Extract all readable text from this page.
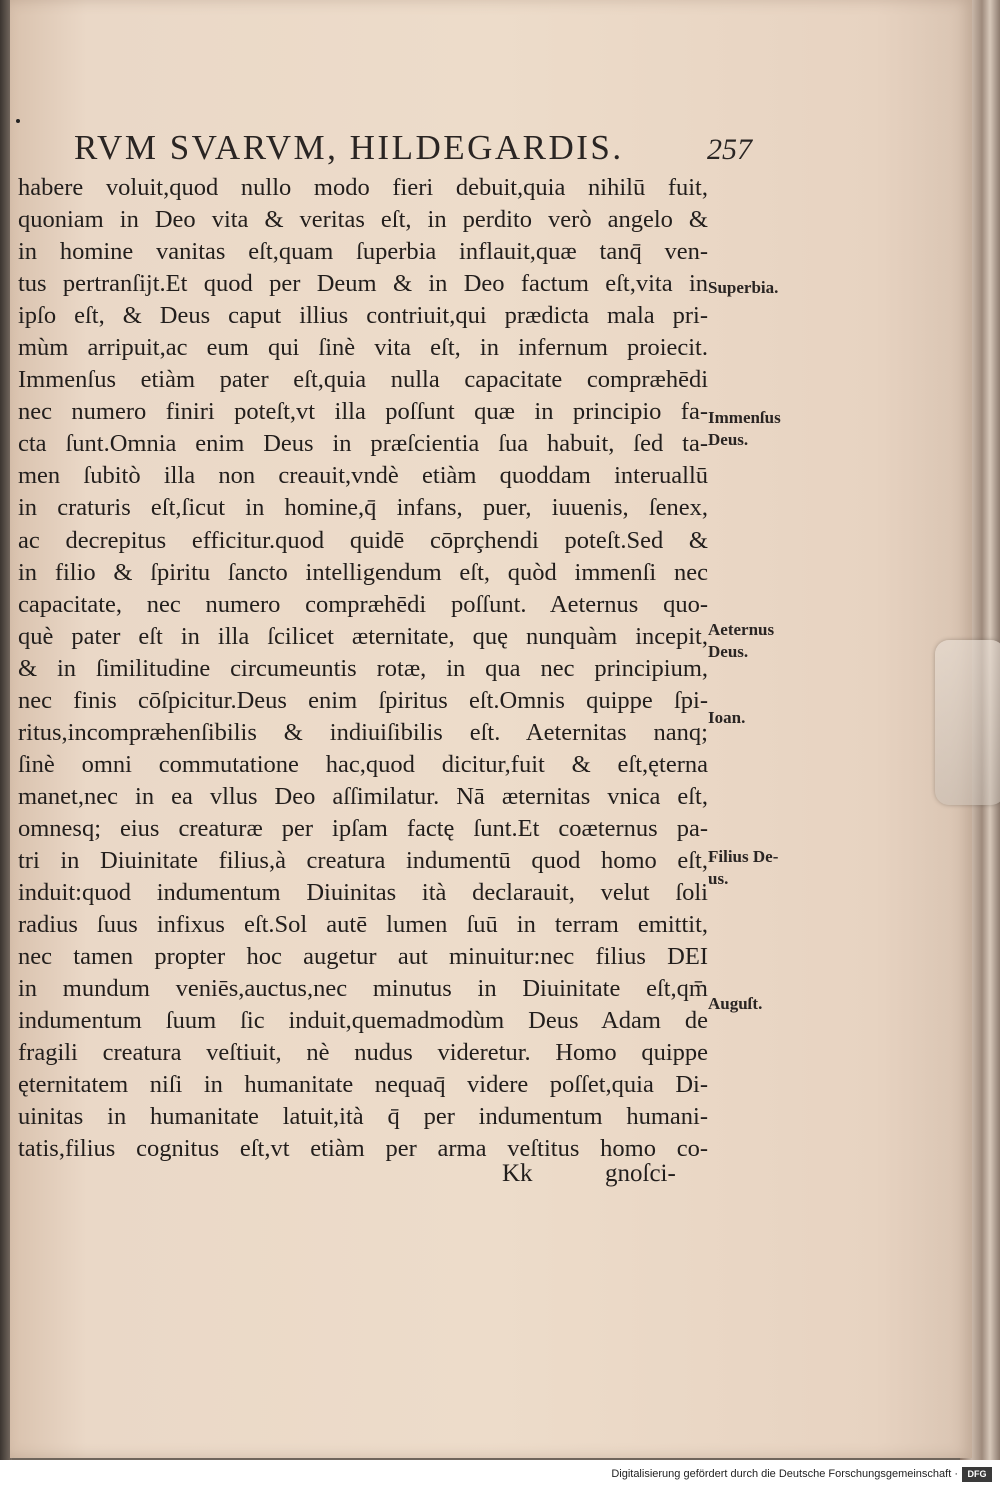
RVM SVARVM, HILDEGARDIS.	257
habere voluit,quod nullo modo fieri debuit,quia nihilū fuit,
quoniam in Deo vita & veritas eſt, in perdito verò angelo &
in homine vanitas eſt,quam ſuperbia inflauit,quæ tanq̄ ven-
tus pertranſijt.Et quod per Deum & in Deo factum eſt,vita in
ipſo eſt, & Deus caput illius contriuit,qui prædicta mala pri-
mùm arripuit,ac eum qui ſinè vita eſt, in infernum proiecit.
Immenſus etiàm pater eſt,quia nulla capacitate compræhēdi
nec numero finiri poteſt,vt illa poſſunt quæ in principio fa-
cta ſunt.Omnia enim Deus in præſcientia ſua habuit, ſed ta-
men ſubitò illa non creauit,vndè etiàm quoddam interuallū
in craturis eſt,ſicut in homine,q̄ infans, puer, iuuenis, ſenex,
ac decrepitus efficitur.quod quidē cōprçhendi poteſt.Sed &
in filio & ſpiritu ſancto intelligendum eſt, quòd immenſi nec
capacitate, nec numero compræhēdi poſſunt. Aeternus quo-
què pater eſt in illa ſcilicet æternitate, quę nunquàm incepit,
& in ſimilitudine circumeuntis rotæ, in qua nec principium,
nec finis cōſpicitur.Deus enim ſpiritus eſt.Omnis quippe ſpi-
ritus,incompræhenſibilis & indiuiſibilis eſt. Aeternitas nanq;
ſinè omni commutatione hac,quod dicitur,fuit & eſt,ęterna
manet,nec in ea vllus Deo aſſimilatur. Nā æternitas vnica eſt,
omnesq; eius creaturæ per ipſam factę ſunt.Et coæternus pa-
tri in Diuinitate filius,à creatura indumentū quod homo eſt,
induit:quod indumentum Diuinitas ità declarauit, velut ſoli
radius ſuus infixus eſt.Sol autē lumen ſuū in terram emittit,
nec tamen propter hoc augetur aut minuitur:nec filius DEI
in mundum veniēs,auctus,nec minutus in Diuinitate eſt,qm̄
indumentum ſuum ſic induit,quemadmodùm Deus Adam de
fragili creatura veſtiuit, nè nudus videretur. Homo quippe
ęternitatem niſi in humanitate nequaq̄ videre poſſet,quia Di-
uinitas in humanitate latuit,ità q̄ per indumentum humani-
tatis,filius cognitus eſt,vt etiàm per arma veſtitus homo co-
Kk	gnoſci-
Superbia.
Immenſus
Deus.
Aeternus
Deus.
Ioan.
Filius De-
us.
Auguſt.
Digitalisierung gefördert durch die Deutsche Forschungsgemeinschaft ·	DFG
